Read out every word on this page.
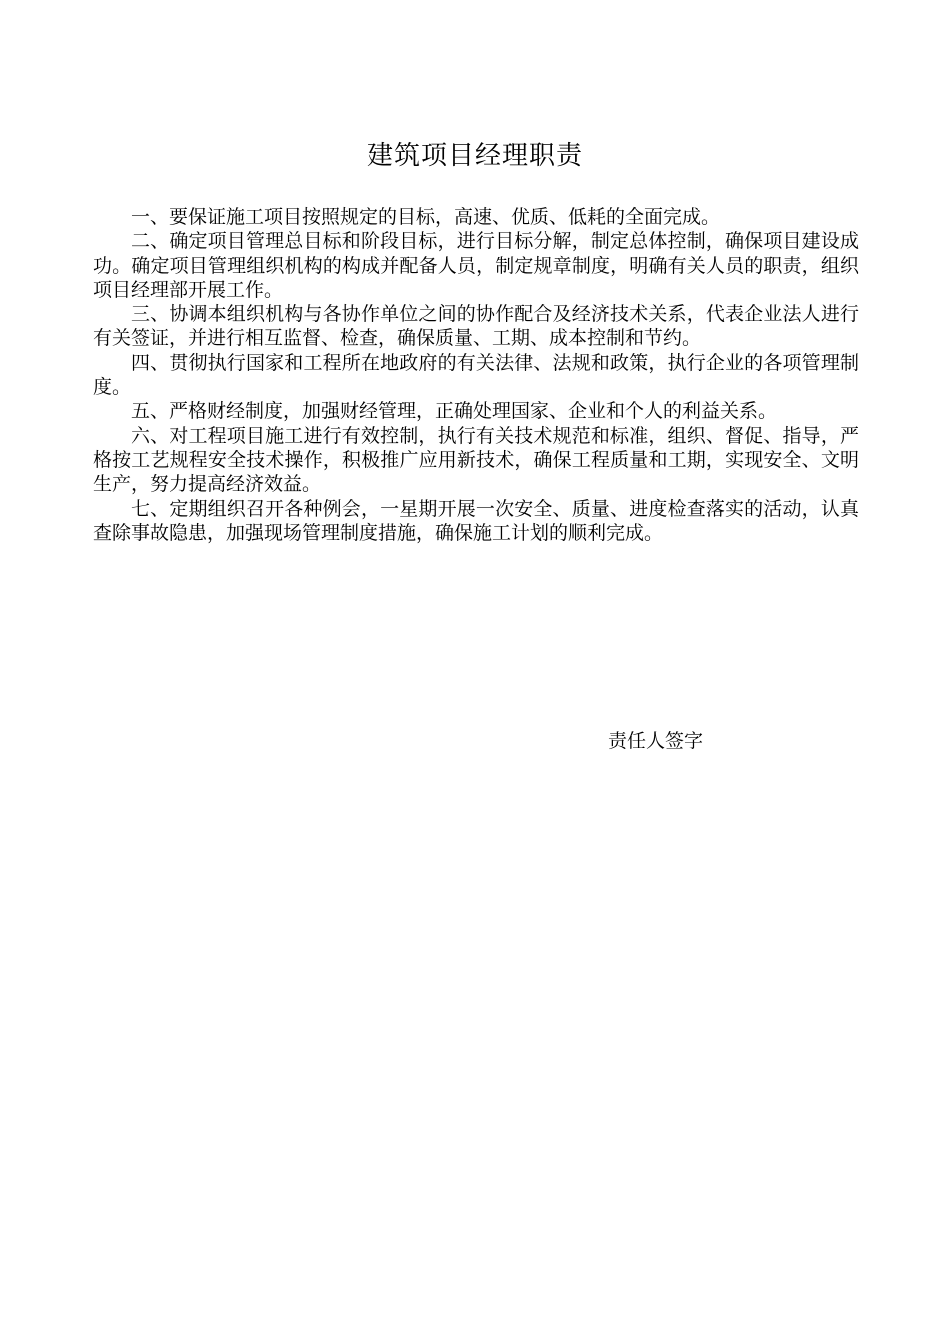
建筑项目经理职责

一、要保证施工项目按照规定的目标，高速、优质、低耗的全面完成。

二、确定项目管理总目标和阶段目标，进行目标分解，制定总体控制，确保项目建设成功。确定项目管理组织机构的构成并配备人员，制定规章制度，明确有关人员的职责，组织项目经理部开展工作。

三、协调本组织机构与各协作单位之间的协作配合及经济技术关系，代表企业法人进行有关签证，并进行相互监督、检查，确保质量、工期、成本控制和节约。

四、贯彻执行国家和工程所在地政府的有关法律、法规和政策，执行企业的各项管理制度。

五、严格财经制度，加强财经管理，正确处理国家、企业和个人的利益关系。

六、对工程项目施工进行有效控制，执行有关技术规范和标准，组织、督促、指导，严格按工艺规程安全技术操作，积极推广应用新技术，确保工程质量和工期，实现安全、文明生产，努力提高经济效益。

七、定期组织召开各种例会，一星期开展一次安全、质量、进度检查落实的活动，认真查除事故隐患，加强现场管理制度措施，确保施工计划的顺利完成。

责任人签字
